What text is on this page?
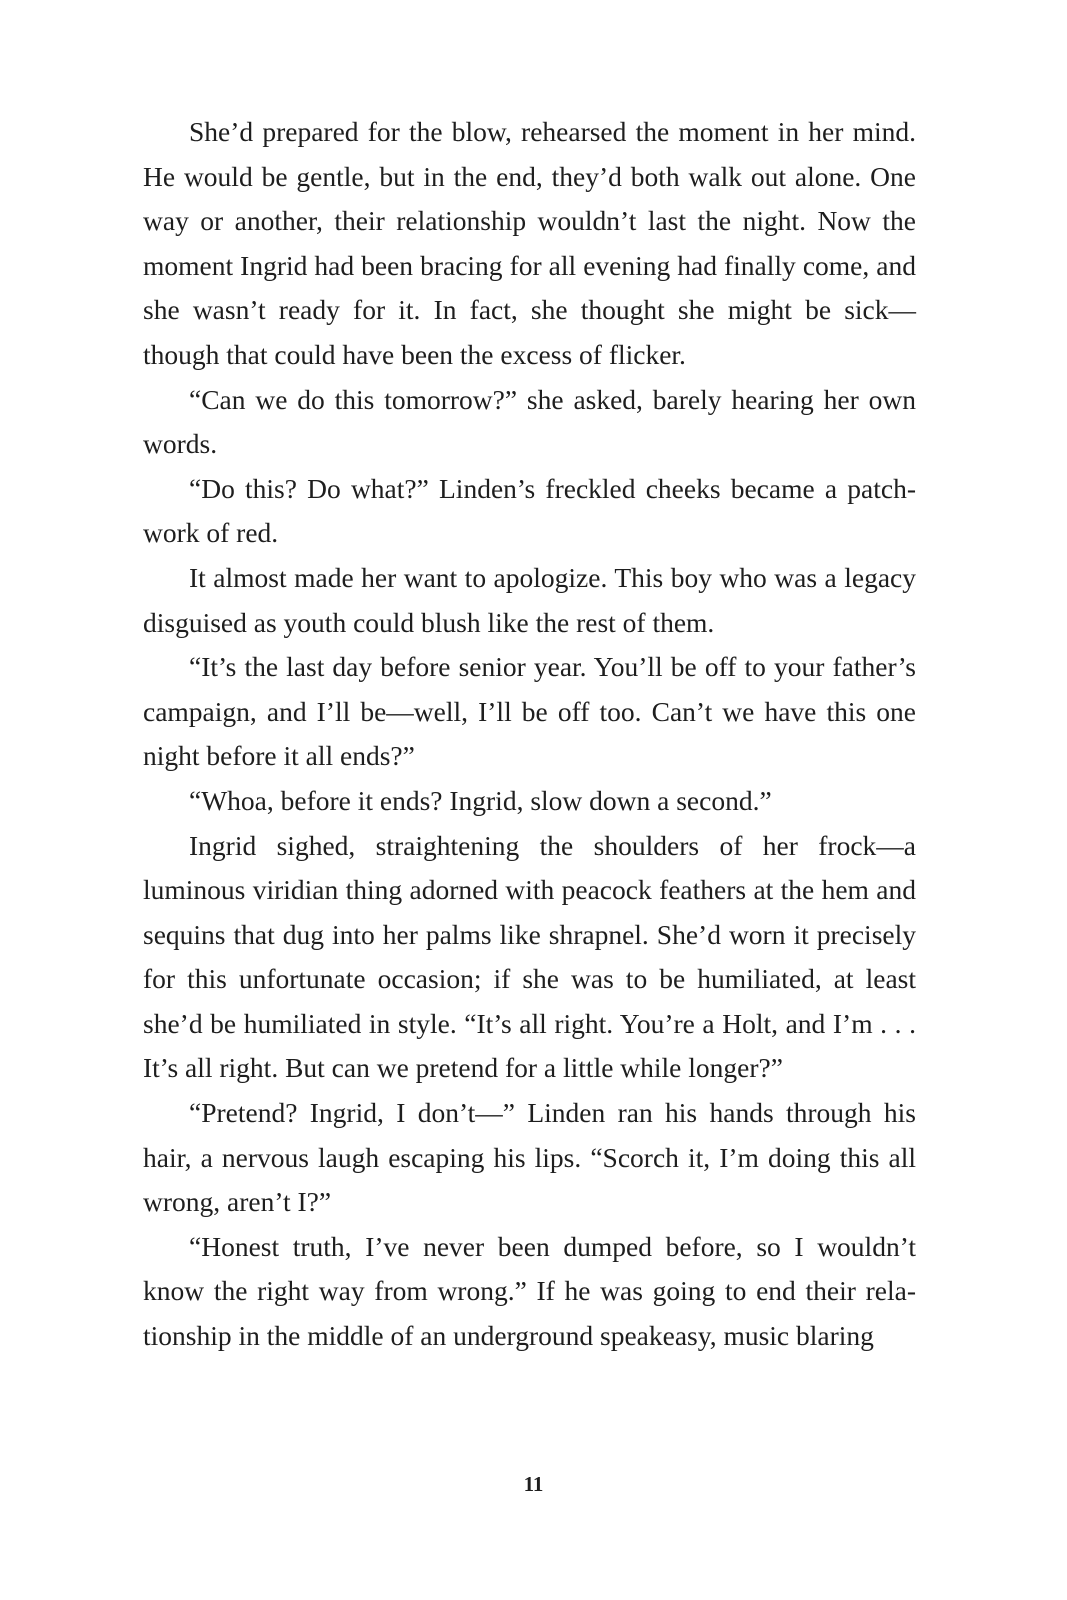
She’d prepared for the blow, rehearsed the moment in her mind. He would be gentle, but in the end, they’d both walk out alone. One way or another, their relationship wouldn’t last the night. Now the moment Ingrid had been bracing for all evening had finally come, and she wasn’t ready for it. In fact, she thought she might be sick—though that could have been the excess of flicker.

“Can we do this tomorrow?” she asked, barely hearing her own words.

“Do this? Do what?” Linden’s freckled cheeks became a patchwork of red.

It almost made her want to apologize. This boy who was a legacy disguised as youth could blush like the rest of them.

“It’s the last day before senior year. You’ll be off to your father’s campaign, and I’ll be—well, I’ll be off too. Can’t we have this one night before it all ends?”

“Whoa, before it ends? Ingrid, slow down a second.”

Ingrid sighed, straightening the shoulders of her frock—a luminous viridian thing adorned with peacock feathers at the hem and sequins that dug into her palms like shrapnel. She’d worn it precisely for this unfortunate occasion; if she was to be humiliated, at least she’d be humiliated in style. “It’s all right. You’re a Holt, and I’m . . . It’s all right. But can we pretend for a little while longer?”

“Pretend? Ingrid, I don’t—” Linden ran his hands through his hair, a nervous laugh escaping his lips. “Scorch it, I’m doing this all wrong, aren’t I?”

“Honest truth, I’ve never been dumped before, so I wouldn’t know the right way from wrong.” If he was going to end their relationship in the middle of an underground speakeasy, music blaring

11
